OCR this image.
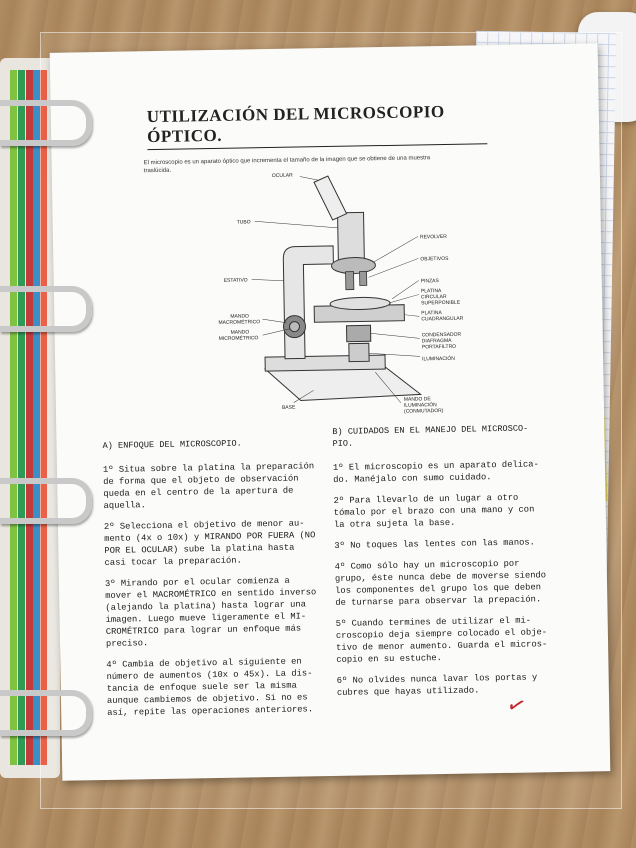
UTILIZACIÓN DEL MICROSCOPIO ÓPTICO.
El microscopio es un aparato óptico que incrementa el tamaño de la imagen que se obtiene de una muestra traslúcida.
OCULAR
TUBO
REVOLVER
OBJETIVOS
PINZAS
ESTATIVO
PLATINA
CIRCULAR
SUPERPONIBLE
PLATINA
CUADRANGULAR
MANDO
MACROMÉTRICO
MANDO
MICROMÉTRICO
CONDENSADOR
DIAFRAGMA
PORTAFILTRO
ILUMINACIÓN
BASE
MANDO DE
ILUMINACIÓN
(CONMUTADOR)
A) ENFOQUE DEL MICROSCOPIO.

1º Situa sobre la platina la preparación
de forma que el objeto de observación
queda en el centro de la apertura de
aquella.

2º Selecciona el objetivo de menor au-
mento (4x o 10x) y MIRANDO POR FUERA (NO
POR EL OCULAR) sube la platina hasta
casi tocar la preparación.

3º Mirando por el ocular comienza a
mover el MACROMÉTRICO en sentido inverso
(alejando la platina) hasta lograr una
imagen. Luego mueve ligeramente el MI-
CROMÉTRICO para lograr un enfoque más
preciso.

4º Cambia de objetivo al siguiente en
número de aumentos (10x o 45x). La dis-
tancia de enfoque suele ser la misma
aunque cambiemos de objetivo. Si no es
así, repite las operaciones anteriores.

B) CUIDADOS EN EL MANEJO DEL MICROSCO-
PIO.

1º El microscopio es un aparato delica-
do. Manéjalo con sumo cuidado.

2º Para llevarlo de un lugar a otro
tómalo por el brazo con una mano y con
la otra sujeta la base.

3º No toques las lentes con las manos.

4º Como sólo hay un microscopio por
grupo, éste nunca debe de moverse siendo
los componentes del grupo los que deben
de turnarse para observar la prepación.

5º Cuando termines de utilizar el mi-
croscopio deja siempre colocado el obje-
tivo de menor aumento. Guarda el micros-
copio en su estuche.

6º No olvides nunca lavar los portas y
cubres que hayas utilizado.	✓
